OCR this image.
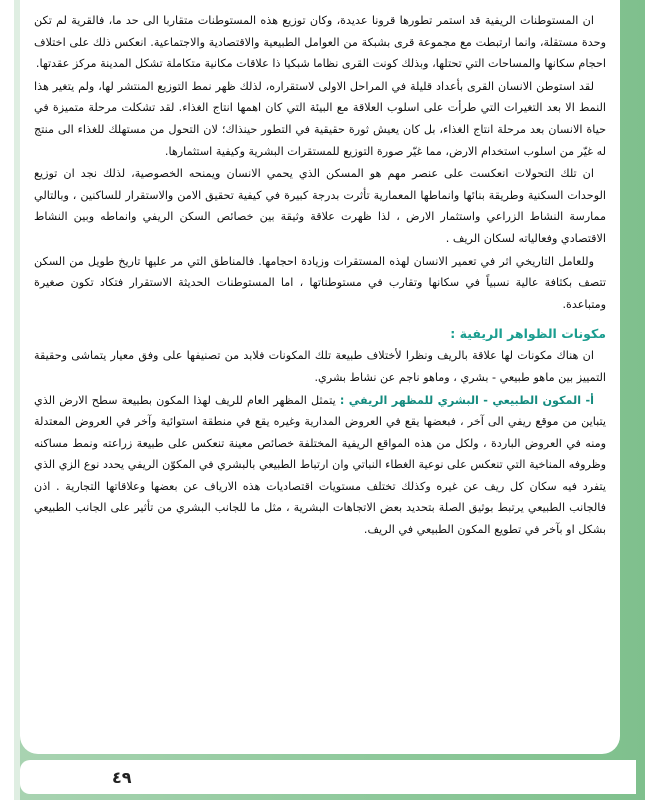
ان المستوطنات الريفية قد استمر تطورها قرونا عديدة، وكان توزيع هذه المستوطنات متقاربا الى حد ما، فالقرية لم تكن وحدة مستقلة، وانما ارتبطت مع مجموعة قرى بشبكة من العوامل الطبيعية والاقتصادية والاجتماعية. انعكس ذلك على اختلاف احجام سكانها والمساحات التي تحتلها، وبذلك كونت القرى نظاما شبكيا ذا علاقات مكانية متكاملة تشكل المدينة مركز عقدتها.

لقد استوطن الانسان القرى بأعداد قليلة في المراحل الاولى لاستقراره، لذلك ظهر نمط التوزيع المنتشر لها، ولم يتغير هذا النمط الا بعد التغيرات التي طرأت على اسلوب العلاقة مع البيئة التي كان اهمها انتاج الغذاء. لقد تشكلت مرحلة متميزة في حياة الانسان بعد مرحلة انتاج الغذاء، بل كان يعيش ثورة حقيقية في التطور حينذاك؛ لان التحول من مستهلك للغذاء الى منتج له غيّر من اسلوب استخدام الارض، مما غيّر صورة التوزيع للمستقرات البشرية وكيفية استثمارها.

ان تلك التحولات انعكست على عنصر مهم هو المسكن الذي يحمي الانسان ويمنحه الخصوصية، لذلك نجد ان توزيع الوحدات السكنية وطريقة بنائها وانماطها المعمارية تأثرت بدرجة كبيرة في كيفية تحقيق الامن والاستقرار للساكنين ، وبالتالي ممارسة النشاط الزراعي واستثمار الارض ، لذا ظهرت علاقة وثيقة بين خصائص السكن الريفي وانماطه وبين النشاط الاقتصادي وفعالياته لسكان الريف .

وللعامل التاريخي اثر في تعمير الانسان لهذه المستقرات وزيادة احجامها. فالمناطق التي مر عليها تاريخ طويل من السكن تتصف بكثافة عالية نسبياً في سكانها وتقارب في مستوطناتها ، اما المستوطنات الحديثة الاستقرار فتكاد تكون صغيرة ومتباعدة.

مكونات الظواهر الريفية :

ان هناك مكونات لها علاقة بالريف ونظرا لأختلاف طبيعة تلك المكونات فلابد من تصنيفها على وفق معيار يتماشى وحقيقة التمييز بين ماهو طبيعي - بشري ، وماهو ناجم عن نشاط بشري.

أ- المكون الطبيعي - البشري للمظهر الريفي : يتمثل المظهر العام للريف لهذا المكون بطبيعة سطح الارض الذي يتباين من موقع ريفي الى آخر ، فبعضها يقع في العروض المدارية وغيره يقع في منطقة استوائية وآخر في العروض المعتدلة ومنه في العروض الباردة ، ولكل من هذه المواقع الريفية المختلفة خصائص معينة تنعكس على طبيعة زراعته ونمط مساكنه وظروفه المناخية التي تنعكس على نوعية الغطاء النباتي وان ارتباط الطبيعي بالبشري في المكوّن الريفي يحدد نوع الزي الذي يتفرد فيه سكان كل ريف عن غيره وكذلك تختلف مستويات اقتصاديات هذه الارياف عن بعضها وعلاقاتها التجارية . اذن فالجانب الطبيعي يرتبط بوثيق الصلة بتحديد بعض الاتجاهات البشرية ، مثل ما للجانب البشري من تأثير على الجانب الطبيعي بشكل او بآخر في تطويع المكون الطبيعي في الريف.

٤٩
